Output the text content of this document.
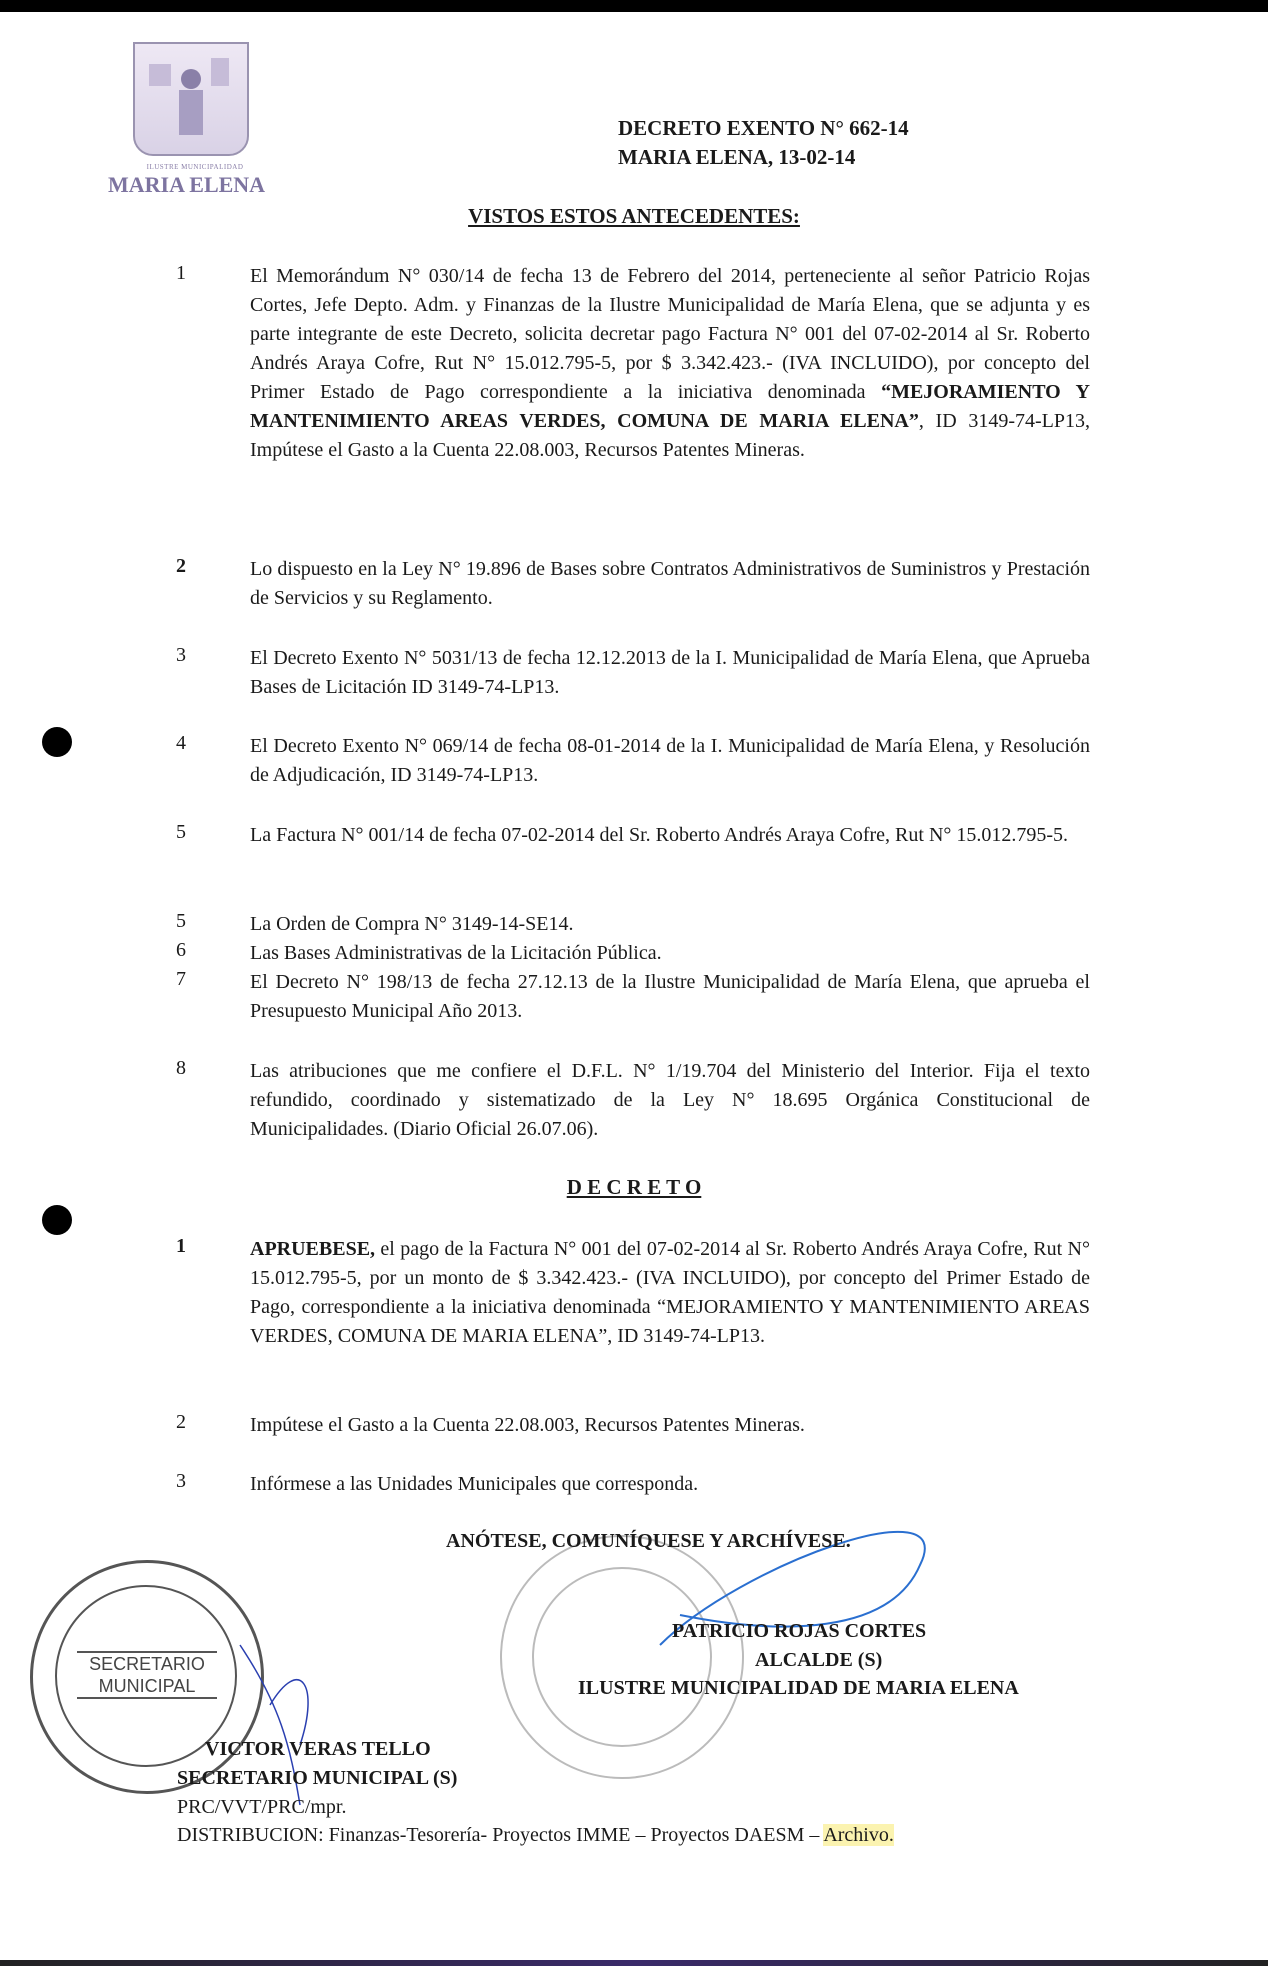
ILUSTRE MUNICIPALIDAD
MARIA ELENA
DECRETO EXENTO N° 662-14
MARIA ELENA, 13-02-14
VISTOS ESTOS ANTECEDENTES:
1	El Memorándum N° 030/14 de fecha 13 de Febrero del 2014, perteneciente al señor Patricio Rojas Cortes, Jefe Depto. Adm. y Finanzas de la Ilustre Municipalidad de María Elena, que se adjunta y es parte integrante de este Decreto, solicita decretar pago Factura N° 001 del 07-02-2014 al Sr. Roberto Andrés Araya Cofre, Rut N° 15.012.795-5, por $ 3.342.423.- (IVA INCLUIDO), por concepto del Primer Estado de Pago correspondiente a la iniciativa denominada “MEJORAMIENTO Y MANTENIMIENTO AREAS VERDES, COMUNA DE MARIA ELENA”, ID 3149-74-LP13, Impútese el Gasto a la Cuenta 22.08.003, Recursos Patentes Mineras.
2	Lo dispuesto en la Ley N° 19.896 de Bases sobre Contratos Administrativos de Suministros y Prestación de Servicios y su Reglamento.
3	El Decreto Exento N° 5031/13 de fecha 12.12.2013 de la I. Municipalidad de María Elena, que Aprueba Bases de Licitación ID 3149-74-LP13.
4	El Decreto Exento N° 069/14 de fecha 08-01-2014 de la I. Municipalidad de María Elena, y Resolución de Adjudicación, ID 3149-74-LP13.
5	La Factura N° 001/14 de fecha 07-02-2014 del Sr. Roberto Andrés Araya Cofre, Rut N° 15.012.795-5.
5	La Orden de Compra N° 3149-14-SE14.
6	Las Bases Administrativas de la Licitación Pública.
7	El Decreto N° 198/13 de fecha 27.12.13 de la Ilustre Municipalidad de María Elena, que aprueba el Presupuesto Municipal Año 2013.
8	Las atribuciones que me confiere el D.F.L. N° 1/19.704 del Ministerio del Interior. Fija el texto refundido, coordinado y sistematizado de la Ley N° 18.695 Orgánica Constitucional de Municipalidades. (Diario Oficial 26.07.06).
D E C R E T O
1	APRUEBESE, el pago de la Factura N° 001 del 07-02-2014 al Sr. Roberto Andrés Araya Cofre, Rut N° 15.012.795-5, por un monto de $ 3.342.423.- (IVA INCLUIDO), por concepto del Primer Estado de Pago, correspondiente a la iniciativa denominada “MEJORAMIENTO Y MANTENIMIENTO AREAS VERDES, COMUNA DE MARIA ELENA”, ID 3149-74-LP13.
2	Impútese el Gasto a la Cuenta 22.08.003, Recursos Patentes Mineras.
3	Infórmese a las Unidades Municipales que corresponda.
SECRETARIO MUNICIPAL
ANÓTESE, COMUNÍQUESE Y ARCHÍVESE.
PATRICIO ROJAS CORTES
ALCALDE (S)
ILUSTRE MUNICIPALIDAD DE MARIA ELENA
VICTOR VERAS TELLO
SECRETARIO MUNICIPAL (S)
PRC/VVT/PRC/mpr.
DISTRIBUCION: Finanzas-Tesorería- Proyectos IMME – Proyectos DAESM – Archivo.
